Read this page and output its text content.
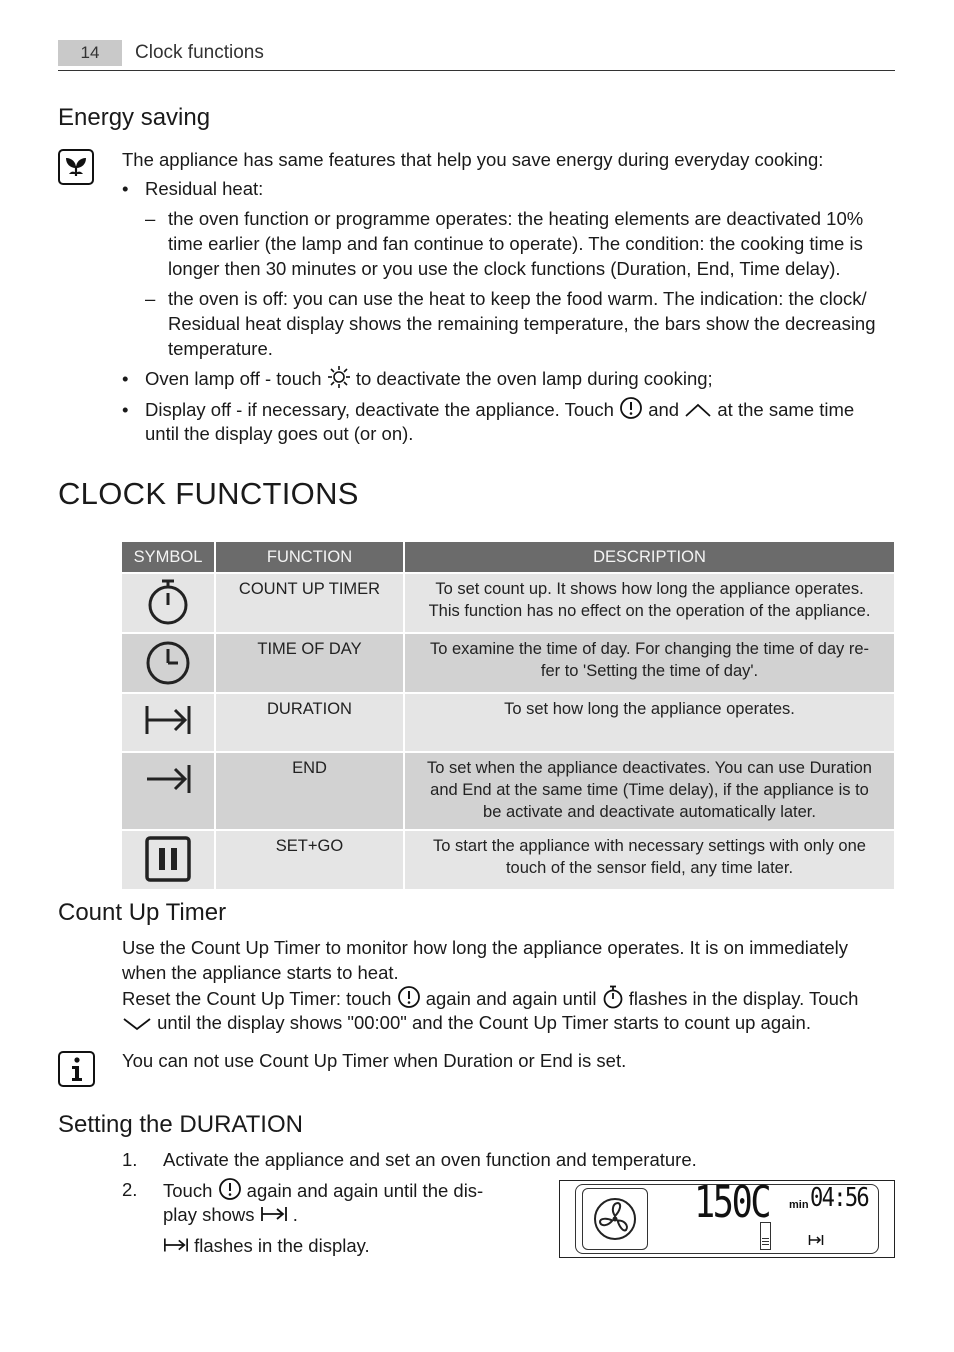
14	Clock functions
Energy saving
The appliance has same features that help you save energy during everyday cooking:
• Residual heat:
– the oven function or programme operates: the heating elements are deactivated 10%
time earlier (the lamp and fan continue to operate). The condition: the cooking time is
longer then 30 minutes or you use the clock functions (Duration, End, Time delay).
– the oven is off: you can use the heat to keep the food warm. The indication: the clock/
Residual heat display shows the remaining temperature, the bars show the decreasing
temperature.
• Oven lamp off - touch  to deactivate the oven lamp during cooking;
• Display off - if necessary, deactivate the appliance. Touch  and  at the same time
until the display goes out (or on).
CLOCK FUNCTIONS
SYMBOL	FUNCTION	DESCRIPTION
	COUNT UP TIMER	To set count up. It shows how long the appliance operates.
This function has no effect on the operation of the appliance.

	TIME OF DAY	To examine the time of day. For changing the time of day re-
fer to 'Setting the time of day'.

	DURATION	To set how long the appliance operates.

	END	To set when the appliance deactivates. You can use Duration
and End at the same time (Time delay), if the appliance is to
be activate and deactivate automatically later.

	SET+GO	To start the appliance with necessary settings with only one
touch of the sensor field, any time later.
Count Up Timer
Use the Count Up Timer to monitor how long the appliance operates. It is on immediately
when the appliance starts to heat.
Reset the Count Up Timer: touch  again and again until  flashes in the display. Touch
until the display shows "00:00" and the Count Up Timer starts to count up again.
You can not use Count Up Timer when Duration or End is set.
Setting the DURATION
1. Activate the appliance and set an oven function and temperature.
2. Touch  again and again until the dis-
play shows  .
flashes in the display.
150C min 04:56
